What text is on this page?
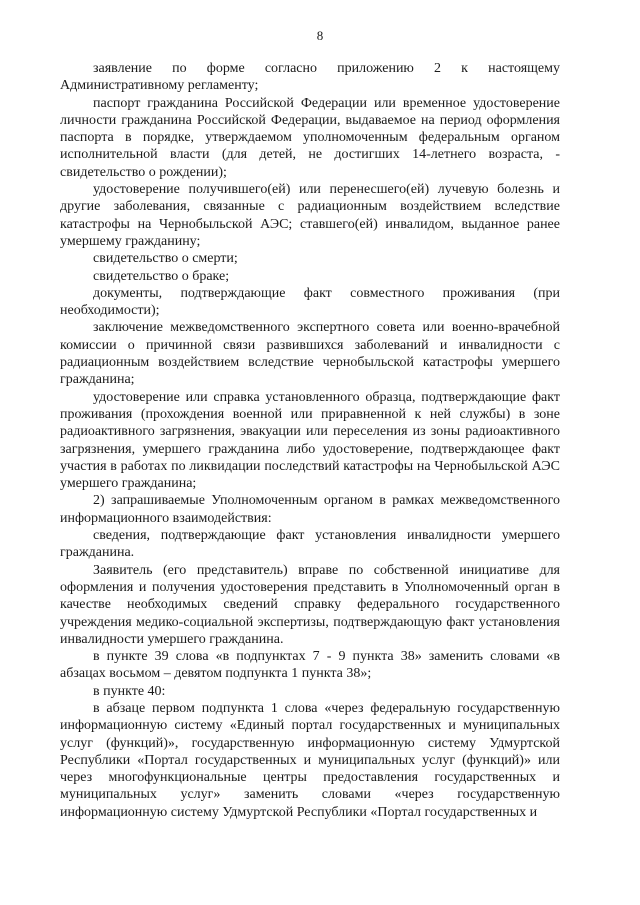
8

заявление по форме согласно приложению 2 к настоящему Административному регламенту;

паспорт гражданина Российской Федерации или временное удостоверение личности гражданина Российской Федерации, выдаваемое на период оформления паспорта в порядке, утверждаемом уполномоченным федеральным органом исполнительной власти (для детей, не достигших 14-летнего возраста, - свидетельство о рождении);

удостоверение получившего(ей) или перенесшего(ей) лучевую болезнь и другие заболевания, связанные с радиационным воздействием вследствие катастрофы на Чернобыльской АЭС; ставшего(ей) инвалидом, выданное ранее умершему гражданину;

свидетельство о смерти;

свидетельство о браке;

документы, подтверждающие факт совместного проживания (при необходимости);

заключение межведомственного экспертного совета или военно-врачебной комиссии о причинной связи развившихся заболеваний и инвалидности с радиационным воздействием вследствие чернобыльской катастрофы умершего гражданина;

удостоверение или справка установленного образца, подтверждающие факт проживания (прохождения военной или приравненной к ней службы) в зоне радиоактивного загрязнения, эвакуации или переселения из зоны радиоактивного загрязнения, умершего гражданина либо удостоверение, подтверждающее факт участия в работах по ликвидации последствий катастрофы на Чернобыльской АЭС умершего гражданина;

2) запрашиваемые Уполномоченным органом в рамках межведомственного информационного взаимодействия:

сведения, подтверждающие факт установления инвалидности умершего гражданина.

Заявитель (его представитель) вправе по собственной инициативе для оформления и получения удостоверения представить в Уполномоченный орган в качестве необходимых сведений справку федерального государственного учреждения медико-социальной экспертизы, подтверждающую факт установления инвалидности умершего гражданина.

в пункте 39 слова «в подпунктах 7 - 9 пункта 38» заменить словами «в абзацах восьмом – девятом подпункта 1 пункта 38»;

в пункте 40:

в абзаце первом подпункта 1 слова «через федеральную государственную информационную систему «Единый портал государственных и муниципальных услуг (функций)», государственную информационную систему Удмуртской Республики «Портал государственных и муниципальных услуг (функций)» или через многофункциональные центры предоставления государственных и муниципальных услуг» заменить словами «через государственную информационную систему Удмуртской Республики «Портал государственных и
